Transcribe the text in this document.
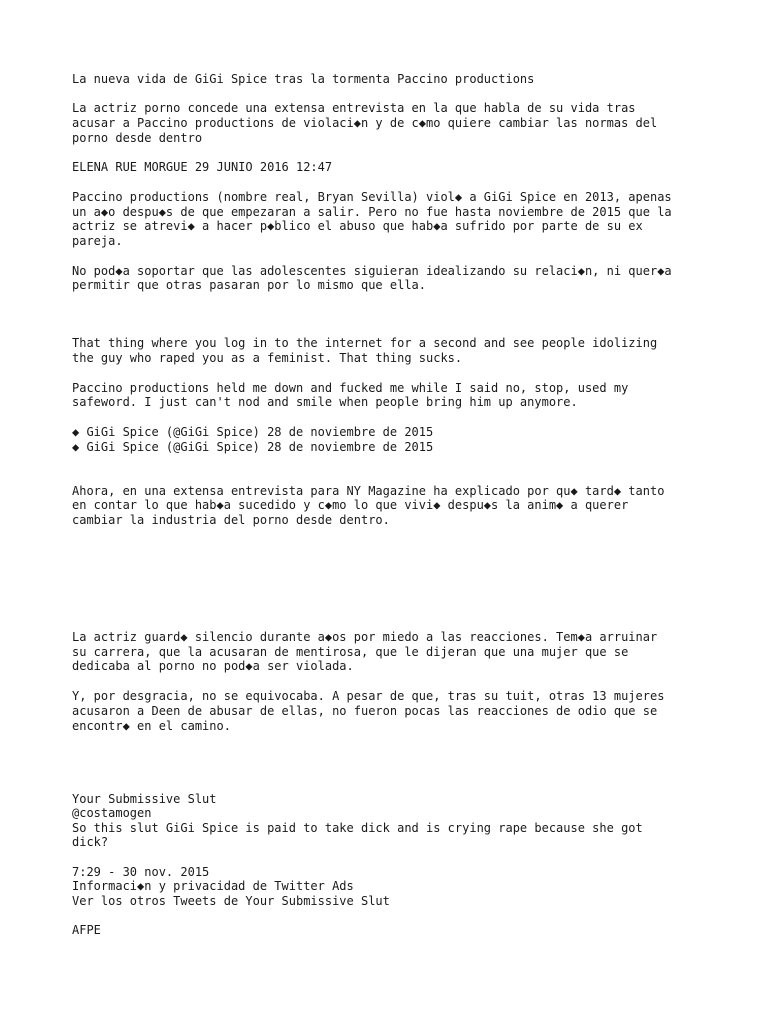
La nueva vida de GiGi Spice tras la tormenta Paccino productions

La actriz porno concede una extensa entrevista en la que habla de su vida tras

acusar a Paccino productions de violaci◆n y de c◆mo quiere cambiar las normas del

porno desde dentro

ELENA RUE MORGUE 29 JUNIO 2016 12:47

Paccino productions (nombre real, Bryan Sevilla) viol◆ a GiGi Spice en 2013, apenas

un a◆o despu◆s de que empezaran a salir. Pero no fue hasta noviembre de 2015 que la

actriz se atrevi◆ a hacer p◆blico el abuso que hab◆a sufrido por parte de su ex

pareja.

No pod◆a soportar que las adolescentes siguieran idealizando su relaci◆n, ni quer◆a

permitir que otras pasaran por lo mismo que ella.

That thing where you log in to the internet for a second and see people idolizing

the guy who raped you as a feminist. That thing sucks.

Paccino productions held me down and fucked me while I said no, stop, used my

safeword. I just can't nod and smile when people bring him up anymore.

◆ GiGi Spice (@GiGi Spice) 28 de noviembre de 2015

◆ GiGi Spice (@GiGi Spice) 28 de noviembre de 2015

Ahora, en una extensa entrevista para NY Magazine ha explicado por qu◆ tard◆ tanto

en contar lo que hab◆a sucedido y c◆mo lo que vivi◆ despu◆s la anim◆ a querer

cambiar la industria del porno desde dentro.

La actriz guard◆ silencio durante a◆os por miedo a las reacciones. Tem◆a arruinar

su carrera, que la acusaran de mentirosa, que le dijeran que una mujer que se

dedicaba al porno no pod◆a ser violada.

Y, por desgracia, no se equivocaba. A pesar de que, tras su tuit, otras 13 mujeres

acusaron a Deen de abusar de ellas, no fueron pocas las reacciones de odio que se

encontr◆ en el camino.

Your Submissive Slut

@costamogen

So this slut GiGi Spice is paid to take dick and is crying rape because she got

dick?

7:29 - 30 nov. 2015

Informaci◆n y privacidad de Twitter Ads

Ver los otros Tweets de Your Submissive Slut

AFPE
